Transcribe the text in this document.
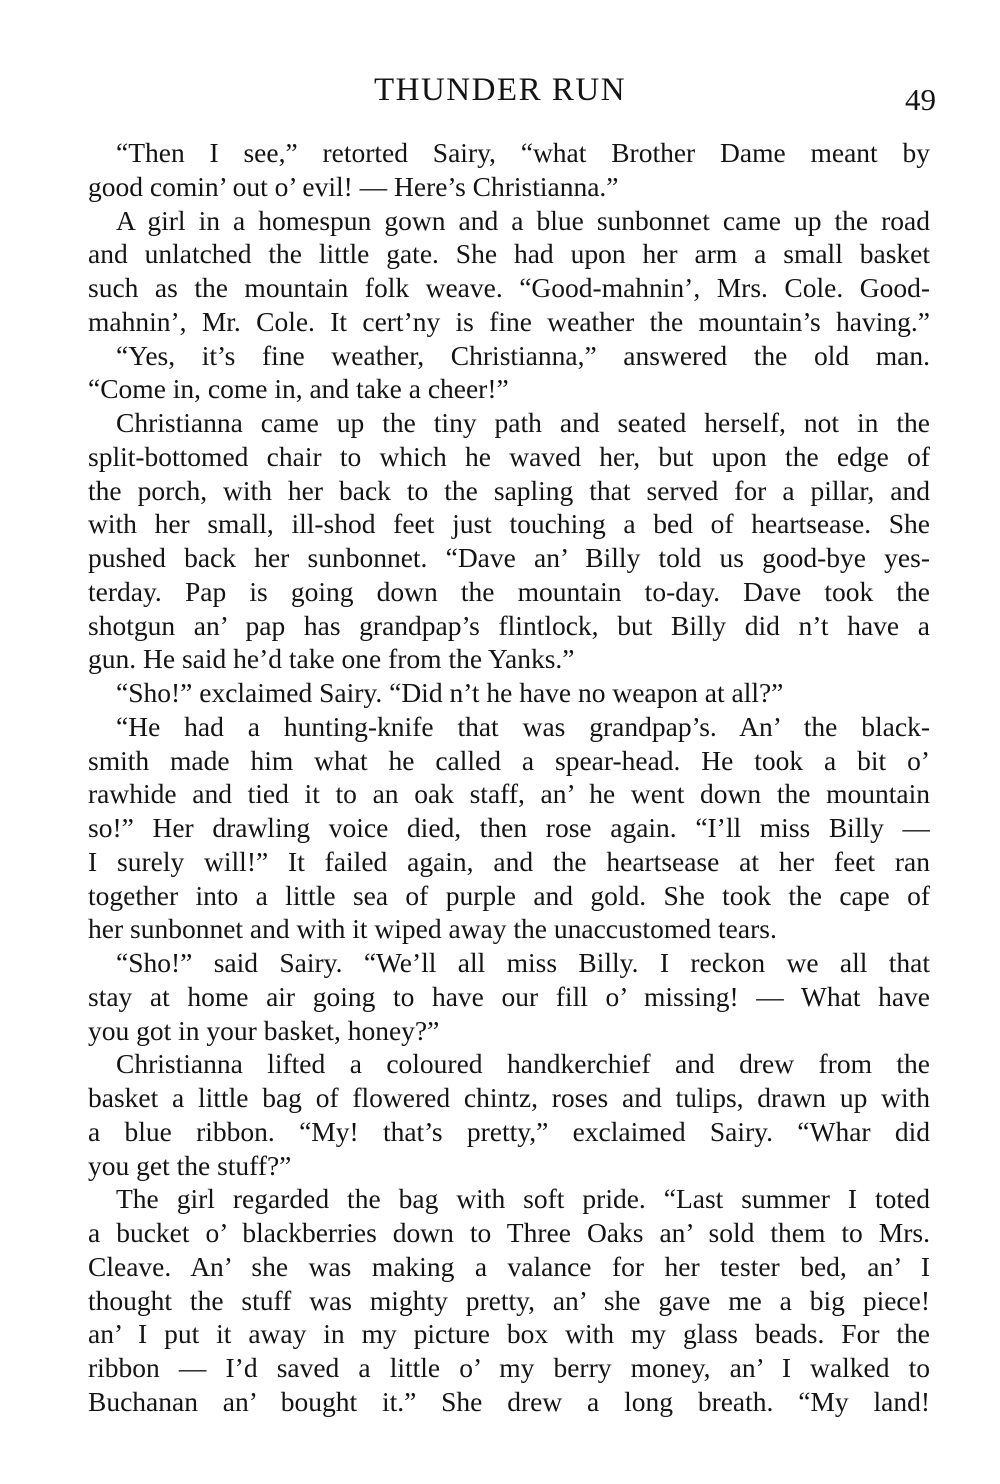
THUNDER RUN	49
“Then I see,” retorted Sairy, “what Brother Dame meant by
good comin’ out o’ evil! — Here’s Christianna.”
A girl in a homespun gown and a blue sunbonnet came up the road
and unlatched the little gate. She had upon her arm a small basket
such as the mountain folk weave. “Good-mahnin’, Mrs. Cole. Good-
mahnin’, Mr. Cole. It cert’ny is fine weather the mountain’s having.”
“Yes, it’s fine weather, Christianna,” answered the old man.
“Come in, come in, and take a cheer!”
Christianna came up the tiny path and seated herself, not in the
split-bottomed chair to which he waved her, but upon the edge of
the porch, with her back to the sapling that served for a pillar, and
with her small, ill-shod feet just touching a bed of heartsease. She
pushed back her sunbonnet. “Dave an’ Billy told us good-bye yes-
terday. Pap is going down the mountain to-day. Dave took the
shotgun an’ pap has grandpap’s flintlock, but Billy did n’t have a
gun. He said he’d take one from the Yanks.”
“Sho!” exclaimed Sairy. “Did n’t he have no weapon at all?”
“He had a hunting-knife that was grandpap’s. An’ the black-
smith made him what he called a spear-head. He took a bit o’
rawhide and tied it to an oak staff, an’ he went down the mountain
so!” Her drawling voice died, then rose again. “I’ll miss Billy —
I surely will!” It failed again, and the heartsease at her feet ran
together into a little sea of purple and gold. She took the cape of
her sunbonnet and with it wiped away the unaccustomed tears.
“Sho!” said Sairy. “We’ll all miss Billy. I reckon we all that
stay at home air going to have our fill o’ missing! — What have
you got in your basket, honey?”
Christianna lifted a coloured handkerchief and drew from the
basket a little bag of flowered chintz, roses and tulips, drawn up with
a blue ribbon. “My! that’s pretty,” exclaimed Sairy. “Whar did
you get the stuff?”
The girl regarded the bag with soft pride. “Last summer I toted
a bucket o’ blackberries down to Three Oaks an’ sold them to Mrs.
Cleave. An’ she was making a valance for her tester bed, an’ I
thought the stuff was mighty pretty, an’ she gave me a big piece!
an’ I put it away in my picture box with my glass beads. For the
ribbon — I’d saved a little o’ my berry money, an’ I walked to
Buchanan an’ bought it.” She drew a long breath. “My land!
